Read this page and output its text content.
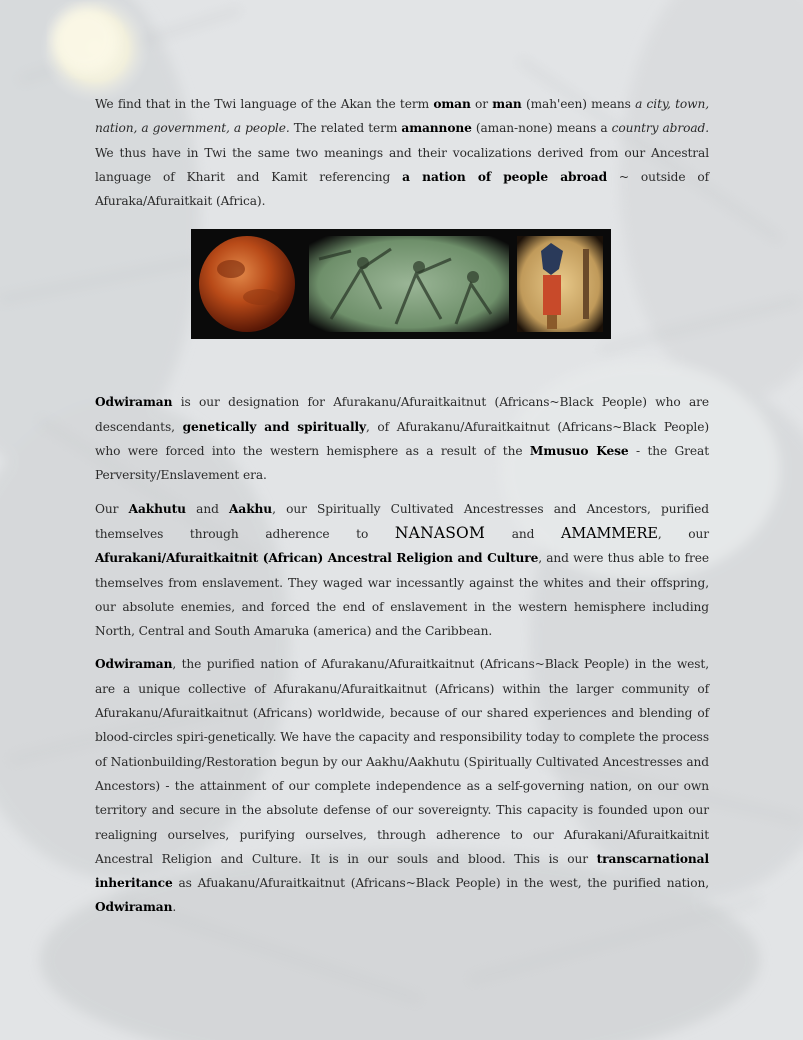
We find that in the Twi language of the Akan the term oman or man (mah'een) means a city, town, nation, a government, a people. The related term amannone (aman-none) means a country abroad. We thus have in Twi the same two meanings and their vocalizations derived from our Ancestral language of Kharit and Kamit referencing a nation of people abroad ~ outside of Afuraka/Afuraitkait (Africa).

Odwiraman is our designation for Afurakanu/Afuraitkaitnut (Africans~Black People) who are descendants, genetically and spiritually, of Afurakanu/Afuraitkaitnut (Africans~Black People) who were forced into the western hemisphere as a result of the Mmusuo Kese - the Great Perversity/Enslavement era.

Our Aakhutu and Aakhu, our Spiritually Cultivated Ancestresses and Ancestors, purified themselves through adherence to NANASOM and AMAMMERE, our Afurakani/Afuraitkaitnit (African) Ancestral Religion and Culture, and were thus able to free themselves from enslavement. They waged war incessantly against the whites and their offspring, our absolute enemies, and forced the end of enslavement in the western hemisphere including North, Central and South Amaruka (america) and the Caribbean.

Odwiraman, the purified nation of Afurakanu/Afuraitkaitnut (Africans~Black People) in the west, are a unique collective of Afurakanu/Afuraitkaitnut (Africans) within the larger community of Afurakanu/Afuraitkaitnut (Africans) worldwide, because of our shared experiences and blending of blood-circles spiri-genetically. We have the capacity and responsibility today to complete the process of Nationbuilding/Restoration begun by our Aakhu/Aakhutu (Spiritually Cultivated Ancestresses and Ancestors) - the attainment of our complete independence as a self-governing nation, on our own territory and secure in the absolute defense of our sovereignty. This capacity is founded upon our realigning ourselves, purifying ourselves, through adherence to our Afurakani/Afuraitkaitnit Ancestral Religion and Culture. It is in our souls and blood. This is our transcarnational inheritance as Afuakanu/Afuraitkaitnut (Africans~Black People) in the west, the purified nation, Odwiraman.
